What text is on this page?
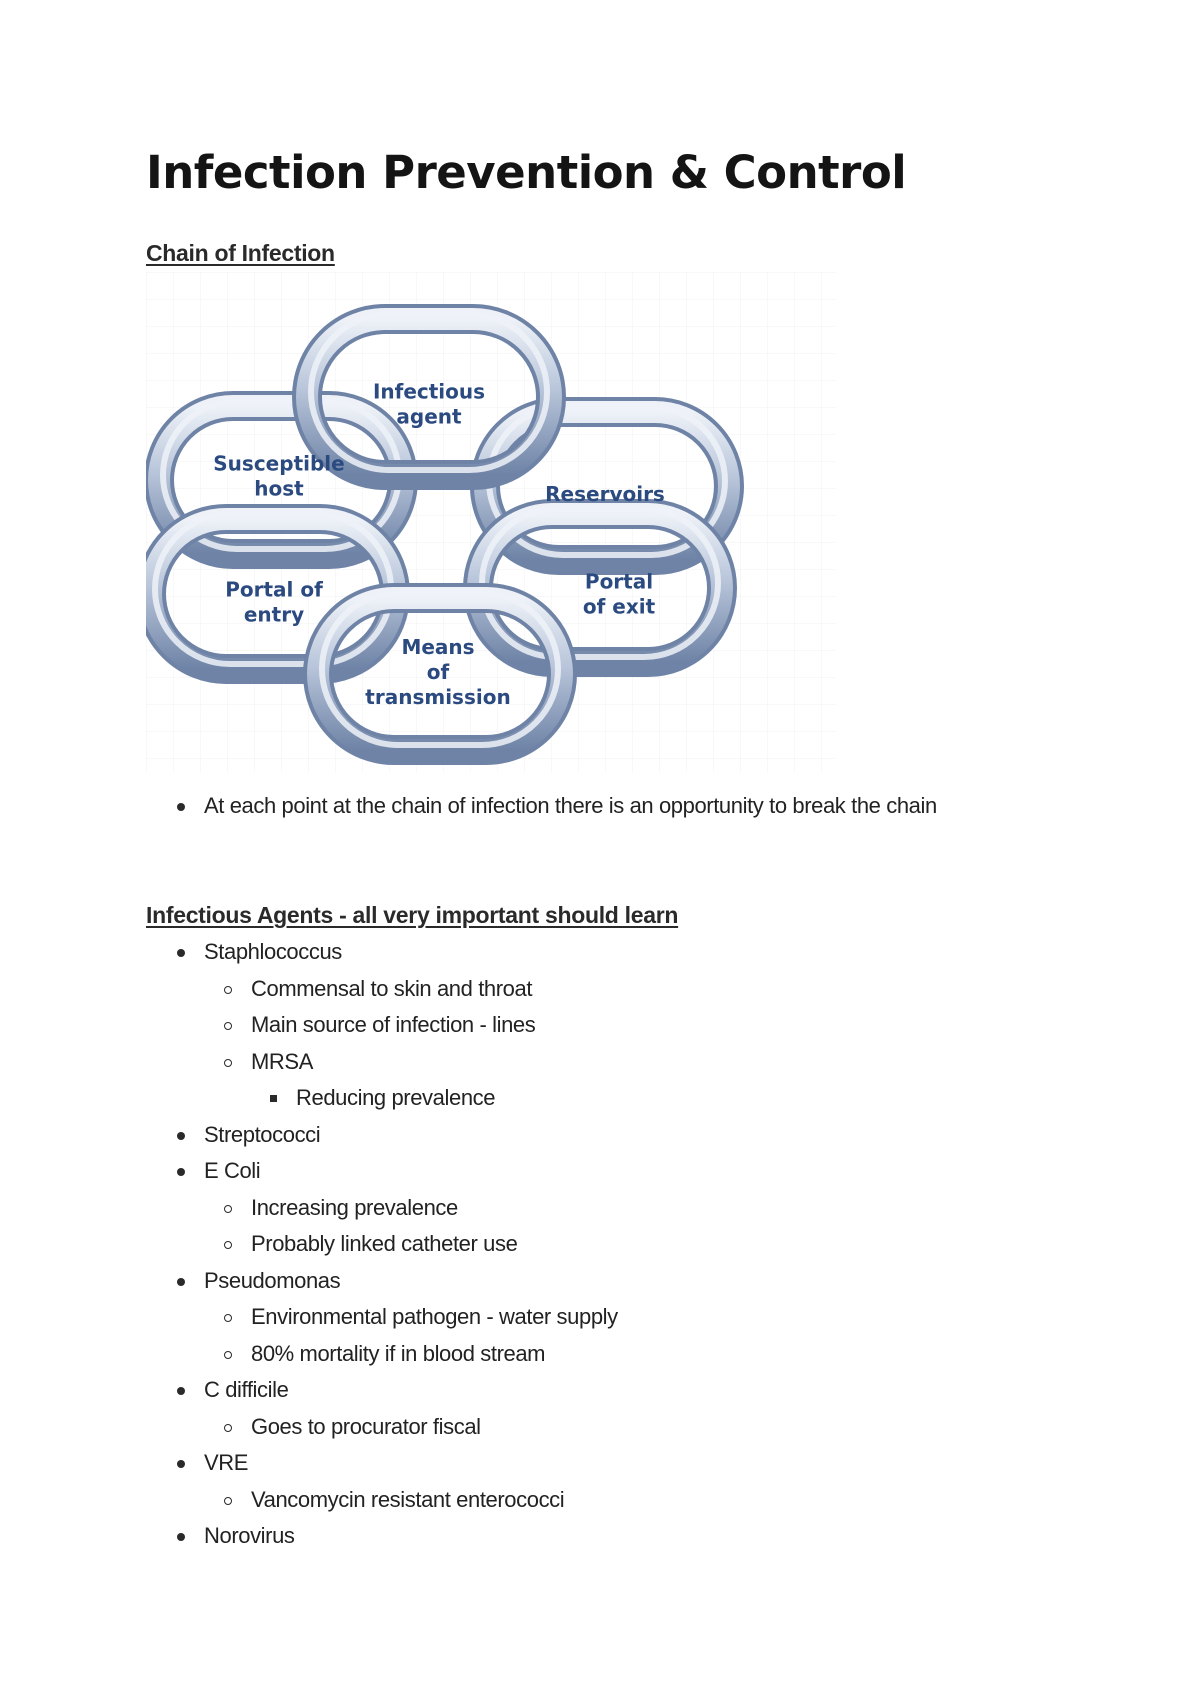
Infection Prevention & Control
Chain of Infection
Susceptible
host	Reservoirs
Portal of
entry
Portal
of exit
Infectious
agent
Means
of
transmission
At each point at the chain of infection there is an opportunity to break the chain
Infectious Agents - all very important should learn
Staphlococcus
Commensal to skin and throat
Main source of infection - lines
MRSA
Reducing prevalence
Streptococci
E Coli
Increasing prevalence
Probably linked catheter use
Pseudomonas
Environmental pathogen - water supply
80% mortality if in blood stream
C difficile
Goes to procurator fiscal
VRE
Vancomycin resistant enterococci
Norovirus
